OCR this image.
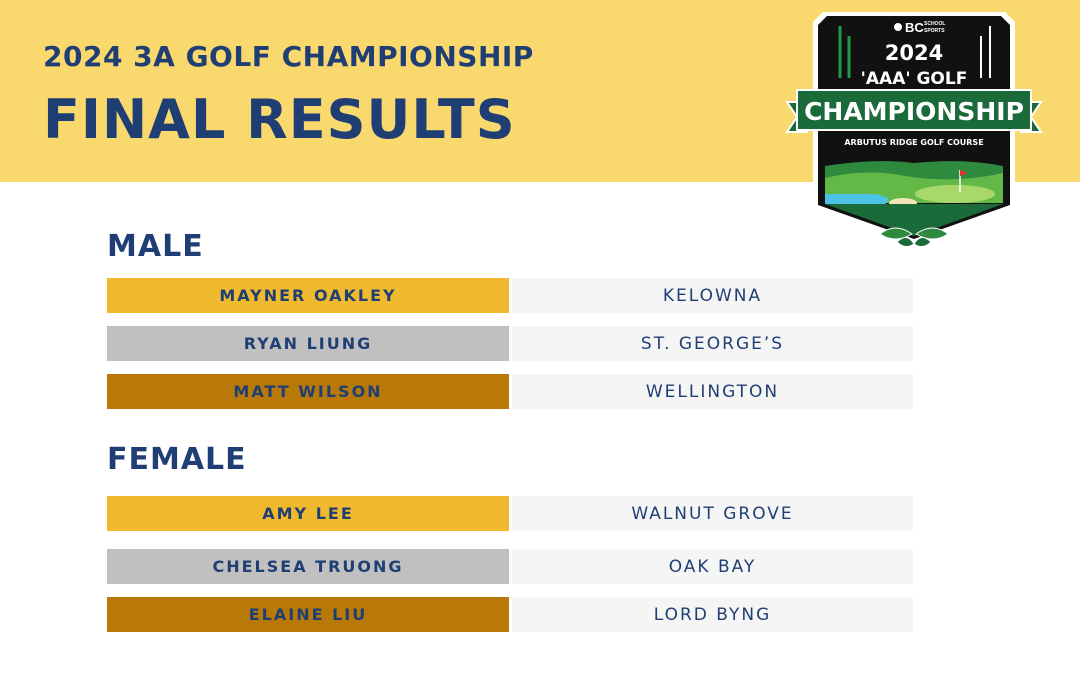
2024 3A GOLF CHAMPIONSHIP
FINAL RESULTS
BC SCHOOL
SPORTS
2024
'AAA' GOLF
CHAMPIONSHIP
ARBUTUS RIDGE GOLF COURSE
MALE
MAYNER OAKLEY	KELOWNA
RYAN LIUNG	ST. GEORGE’S
MATT WILSON	WELLINGTON
FEMALE
AMY LEE	WALNUT GROVE
CHELSEA TRUONG	OAK BAY
ELAINE LIU	LORD BYNG
